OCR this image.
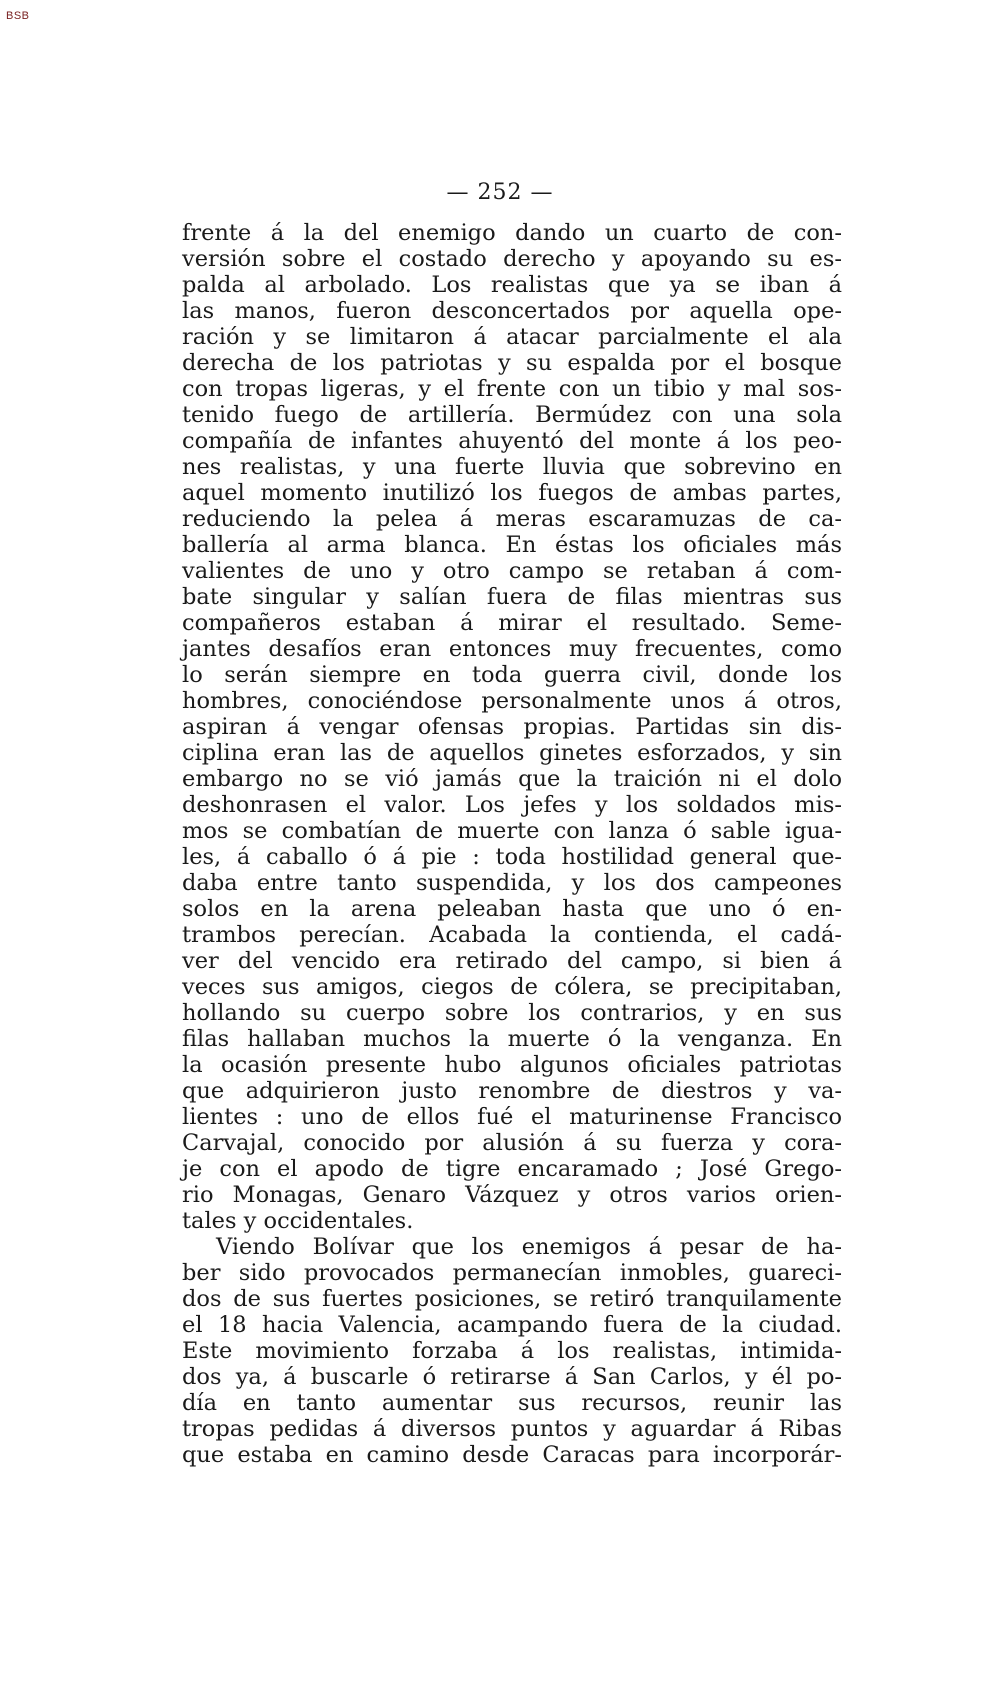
BSB
— 252 —
frente á la del enemigo dando un cuarto de con-
versión sobre el costado derecho y apoyando su es-
palda al arbolado. Los realistas que ya se iban á
las manos, fueron desconcertados por aquella ope-
ración y se limitaron á atacar parcialmente el ala
derecha de los patriotas y su espalda por el bosque
con tropas ligeras, y el frente con un tibio y mal sos-
tenido fuego de artillería. Bermúdez con una sola
compañía de infantes ahuyentó del monte á los peo-
nes realistas, y una fuerte lluvia que sobrevino en
aquel momento inutilizó los fuegos de ambas partes,
reduciendo la pelea á meras escaramuzas de ca-
ballería al arma blanca. En éstas los oficiales más
valientes de uno y otro campo se retaban á com-
bate singular y salían fuera de filas mientras sus
compañeros estaban á mirar el resultado. Seme-
jantes desafíos eran entonces muy frecuentes, como
lo serán siempre en toda guerra civil, donde los
hombres, conociéndose personalmente unos á otros,
aspiran á vengar ofensas propias. Partidas sin dis-
ciplina eran las de aquellos ginetes esforzados, y sin
embargo no se vió jamás que la traición ni el dolo
deshonrasen el valor. Los jefes y los soldados mis-
mos se combatían de muerte con lanza ó sable igua-
les, á caballo ó á pie : toda hostilidad general que-
daba entre tanto suspendida, y los dos campeones
solos en la arena peleaban hasta que uno ó en-
trambos perecían. Acabada la contienda, el cadá-
ver del vencido era retirado del campo, si bien á
veces sus amigos, ciegos de cólera, se precipitaban,
hollando su cuerpo sobre los contrarios, y en sus
filas hallaban muchos la muerte ó la venganza. En
la ocasión presente hubo algunos oficiales patriotas
que adquirieron justo renombre de diestros y va-
lientes : uno de ellos fué el maturinense Francisco
Carvajal, conocido por alusión á su fuerza y cora-
je con el apodo de tigre encaramado ; José Grego-
rio Monagas, Genaro Vázquez y otros varios orien-
tales y occidentales.
Viendo Bolívar que los enemigos á pesar de ha-
ber sido provocados permanecían inmobles, guareci-
dos de sus fuertes posiciones, se retiró tranquilamente
el 18 hacia Valencia, acampando fuera de la ciudad.
Este movimiento forzaba á los realistas, intimida-
dos ya, á buscarle ó retirarse á San Carlos, y él po-
día en tanto aumentar sus recursos, reunir las
tropas pedidas á diversos puntos y aguardar á Ribas
que estaba en camino desde Caracas para incorporár-
